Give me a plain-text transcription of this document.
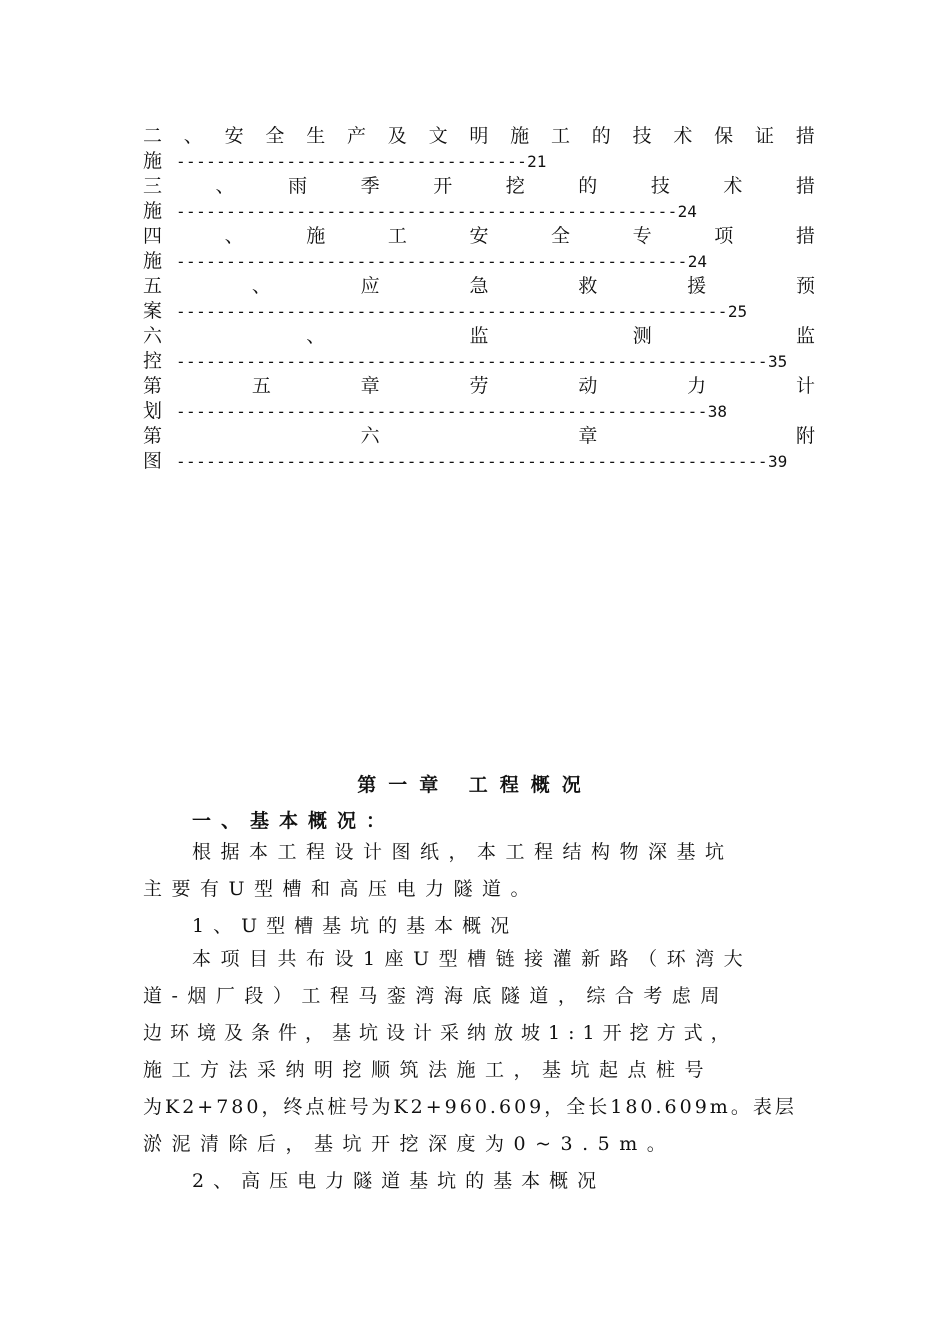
二 、 安 全 生 产 及 文 明 施 工 的 技 术 保 证 措
施 ----------------------------------- 21
三	、	雨	季	开	挖	的	技	术	措
施 -------------------------------------------------- 24
四	、	施	工	安	全	专	项	措
施 --------------------------------------------------- 24
五	、	应	急	救	援	预
案 ------------------------------------------------------- 25
六	、	监	测	监
控 ----------------------------------------------------------- 35
第	五	章	劳	动	力	计
划 ----------------------------------------------------- 38
第	六	章	附
图 ----------------------------------------------------------- 39
第一章 工程概况
一、基本概况：
根据本工程设计图纸，本工程结构物深基坑
主要有U型槽和高压电力隧道。
1、U型槽基坑的基本概况
本项目共布设1座U型槽链接灌新路（环湾大
道-烟厂段）工程马銮湾海底隧道，综合考虑周
边环境及条件，基坑设计采纳放坡1:1开挖方式，
施工方法采纳明挖顺筑法施工，基坑起点桩号
为K2+780，终点桩号为K2+960.609，全长180.609m。表层
淤泥清除后，基坑开挖深度为0~3.5m。
2、高压电力隧道基坑的基本概况
